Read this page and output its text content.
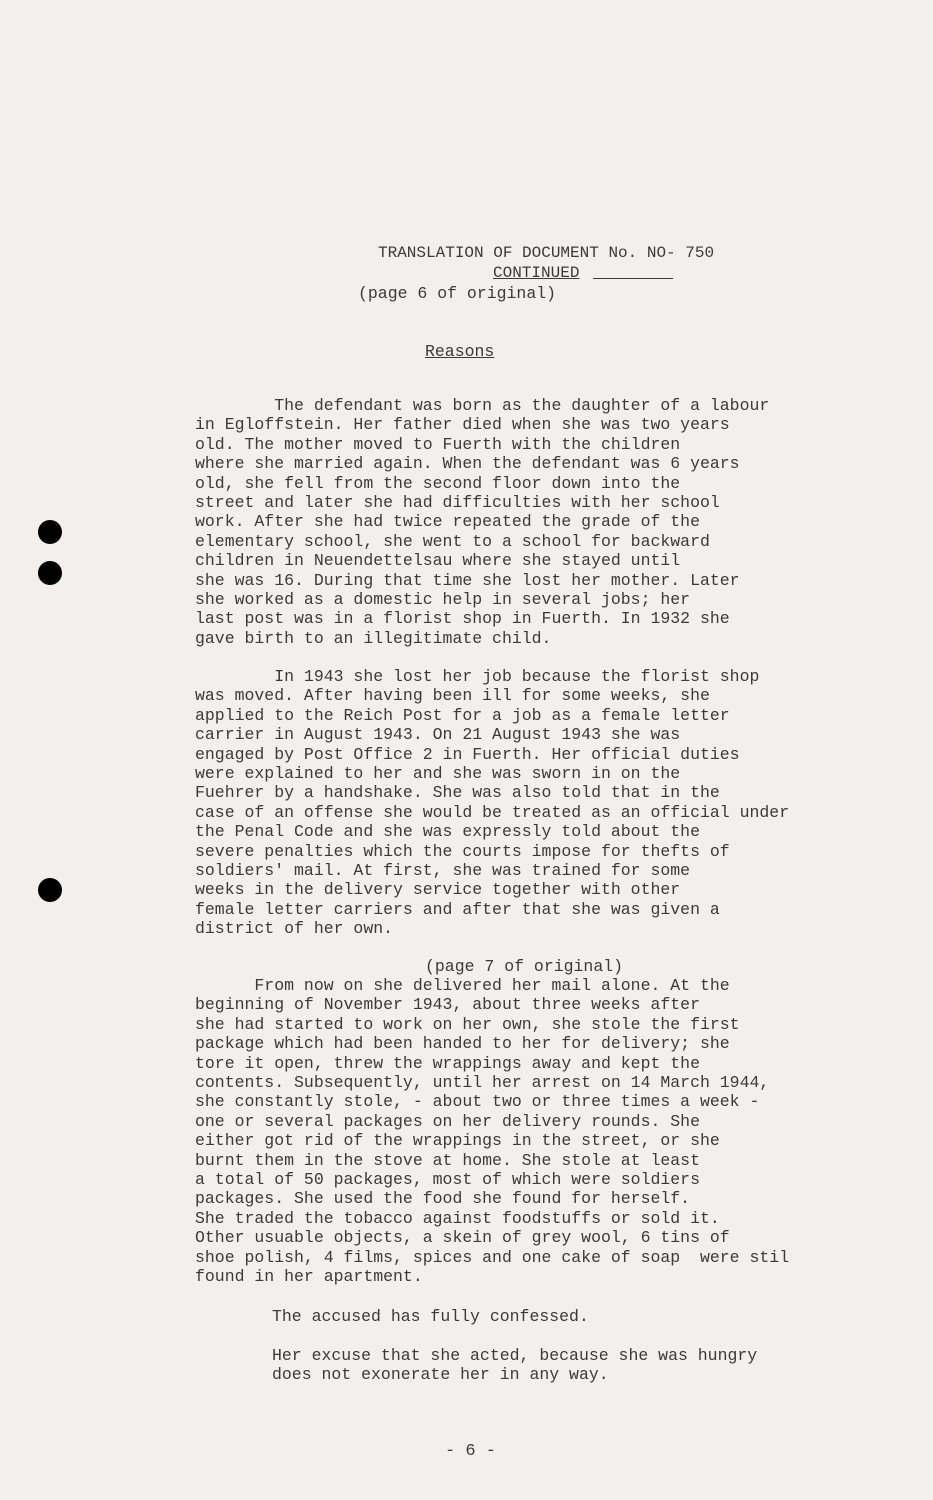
TRANSLATION OF DOCUMENT No. NO- 750
CONTINUED

(page 6 of original)
Reasons
The defendant was born as the daughter of a labour
in Egloffstein. Her father died when she was two years
old. The mother moved to Fuerth with the children
where she married again. When the defendant was 6 years
old, she fell from the second floor down into the
street and later she had difficulties with her school
work. After she had twice repeated the grade of the
elementary school, she went to a school for backward
children in Neuendettelsau where she stayed until
she was 16. During that time she lost her mother. Later
she worked as a domestic help in several jobs; her
last post was in a florist shop in Fuerth. In 1932 she
gave birth to an illegitimate child.
In 1943 she lost her job because the florist shop
was moved. After having been ill for some weeks, she
applied to the Reich Post for a job as a female letter
carrier in August 1943. On 21 August 1943 she was
engaged by Post Office 2 in Fuerth. Her official duties
were explained to her and she was sworn in on the
Fuehrer by a handshake. She was also told that in the
case of an offense she would be treated as an official under
the Penal Code and she was expressly told about the
severe penalties which the courts impose for thefts of
soldiers' mail. At first, she was trained for some
weeks in the delivery service together with other
female letter carriers and after that she was given a
district of her own.
(page 7 of original)
From now on she delivered her mail alone. At the
beginning of November 1943, about three weeks after
she had started to work on her own, she stole the first
package which had been handed to her for delivery; she
tore it open, threw the wrappings away and kept the
contents. Subsequently, until her arrest on 14 March 1944,
she constantly stole, - about two or three times a week -
one or several packages on her delivery rounds. She
either got rid of the wrappings in the street, or she
burnt them in the stove at home. She stole at least
a total of 50 packages, most of which were soldiers
packages. She used the food she found for herself.
She traded the tobacco against foodstuffs or sold it.
Other usuable objects, a skein of grey wool, 6 tins of
shoe polish, 4 films, spices and one cake of soap  were stil
found in her apartment.
The accused has fully confessed.
Her excuse that she acted, because she was hungry
does not exonerate her in any way.
- 6 -
